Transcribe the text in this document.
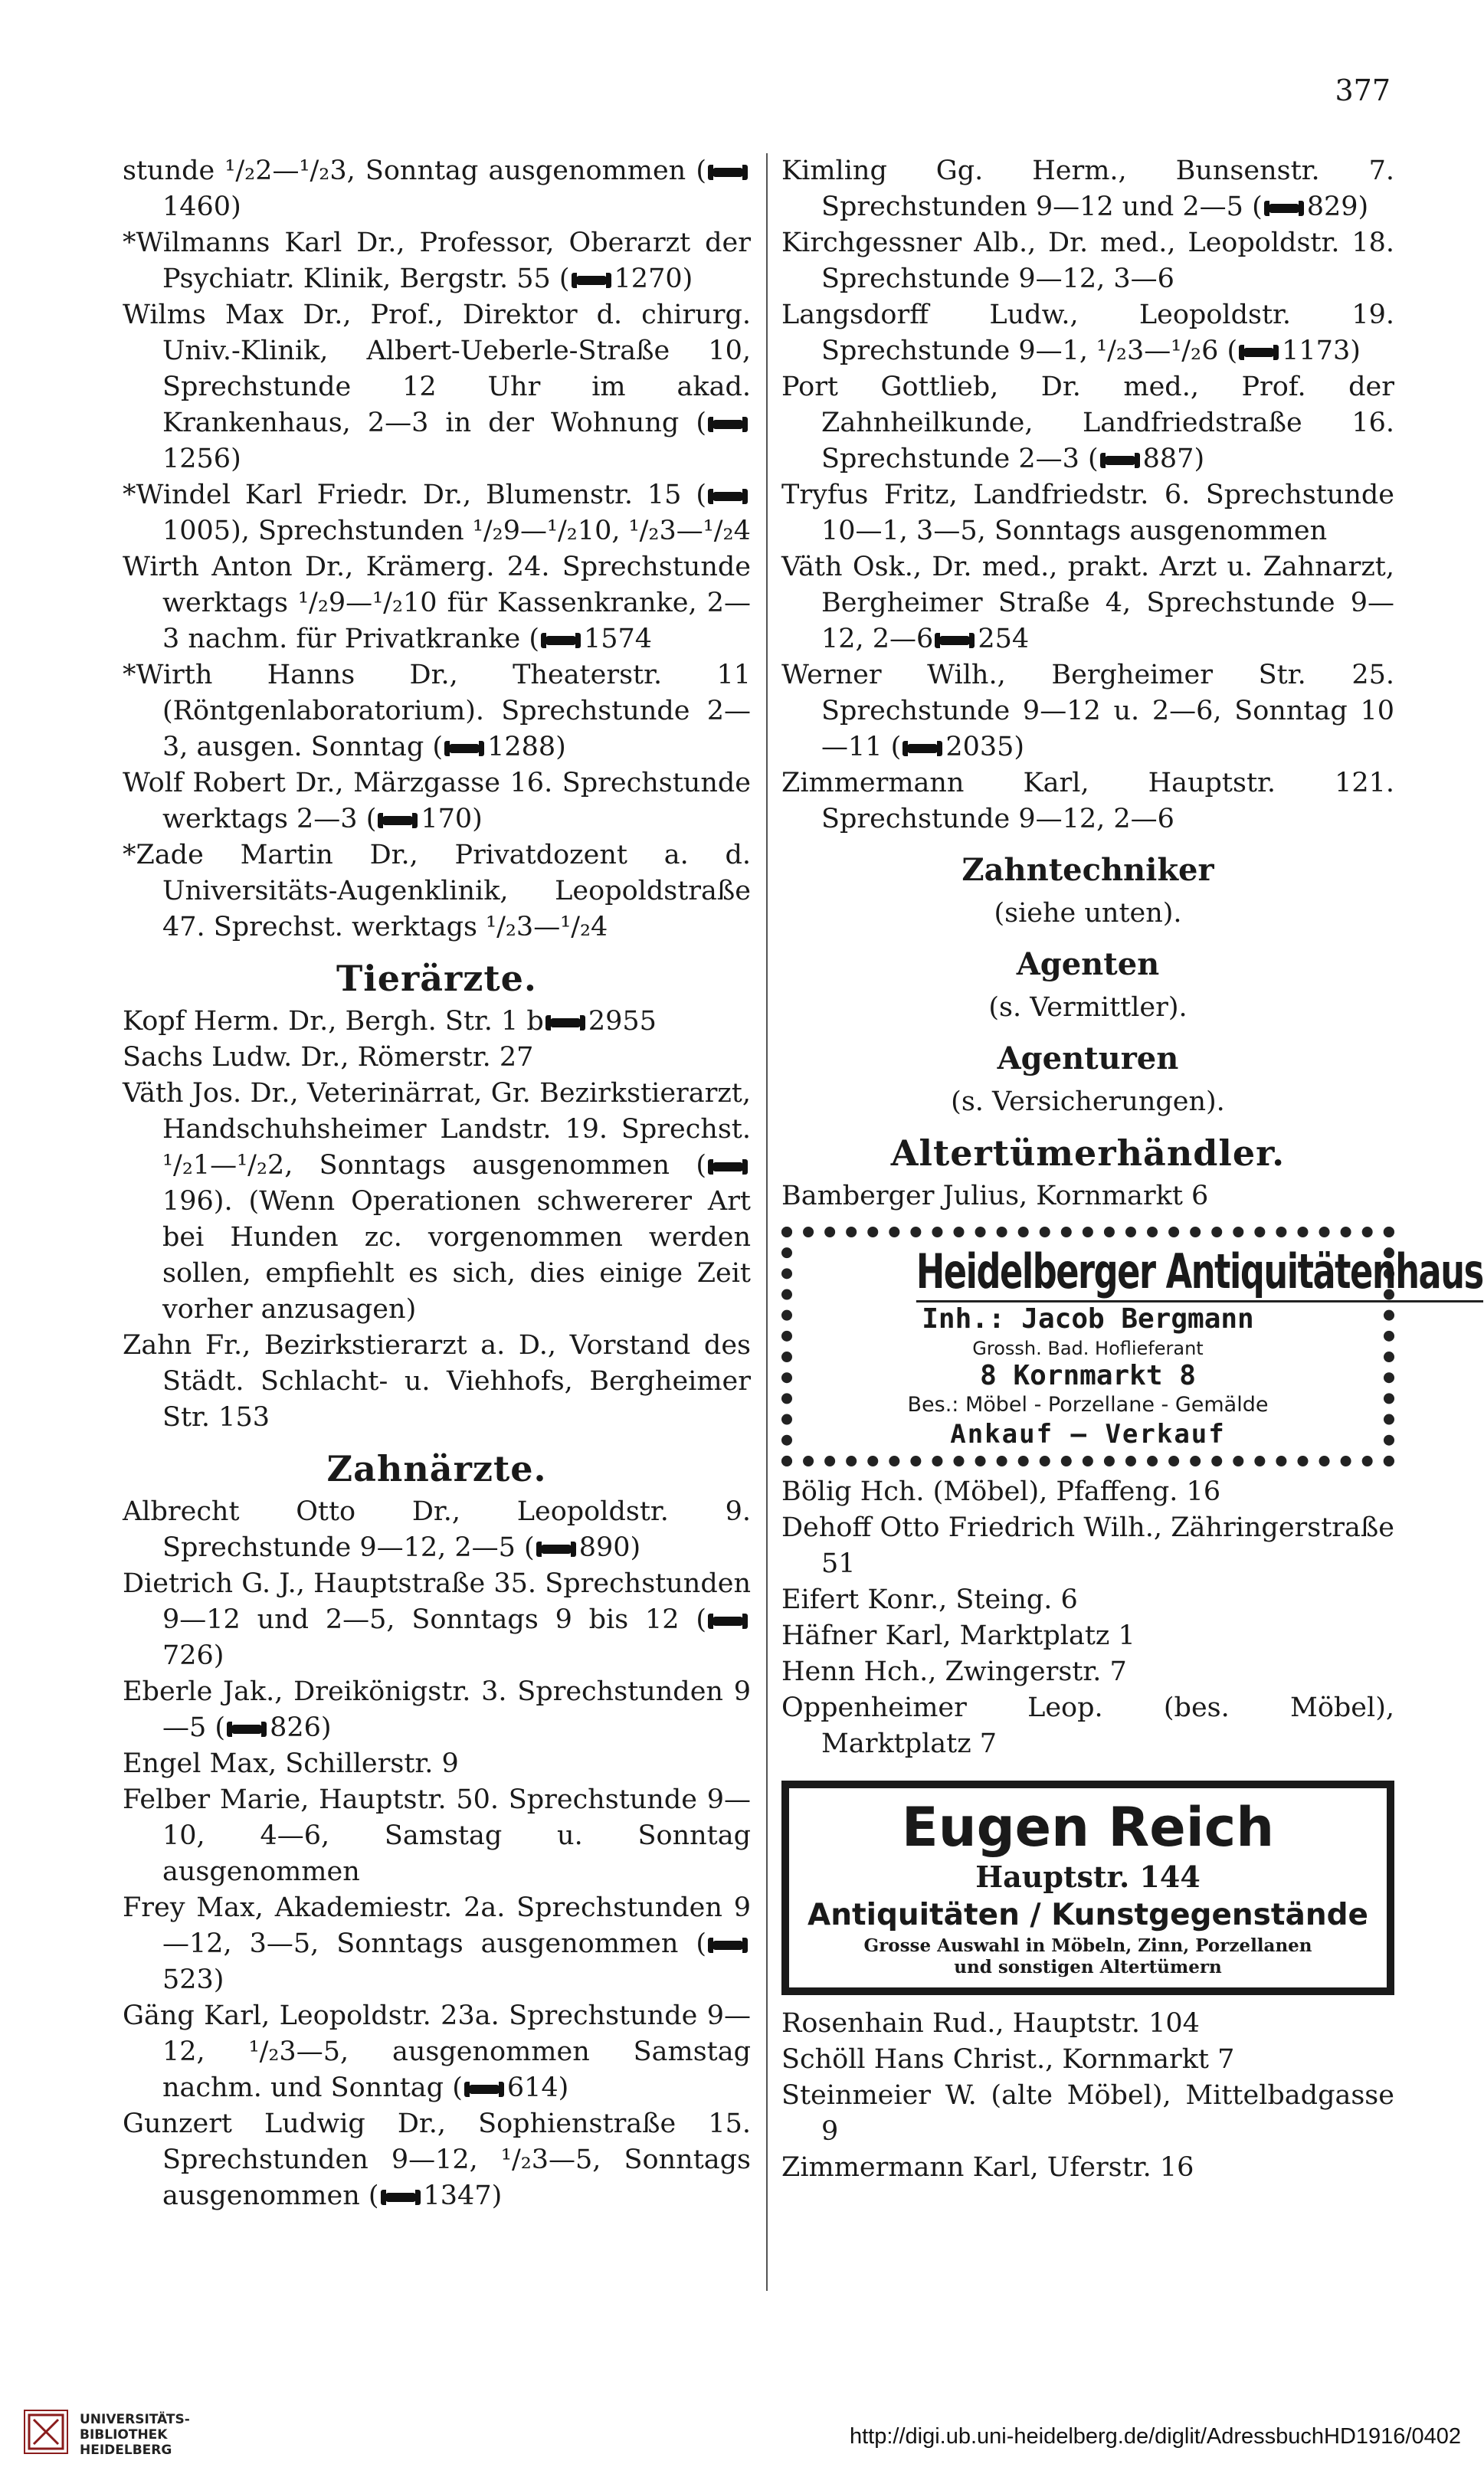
377

stunde ¹/₂2—¹/₂3, Sonntag ausgenommen (1460)

*Wilmanns Karl Dr., Professor, Oberarzt der Psychiatr. Klinik, Bergstr. 55 ( 1270)

Wilms Max Dr., Prof., Direktor d. chirurg. Univ.-Klinik, Albert-Ueberle-Straße 10, Sprechstunde 12 Uhr im akad. Krankenhaus, 2—3 in der Wohnung (1256)

*Windel Karl Friedr. Dr., Blumenstr. 15 (1005), Sprechstunden ¹/₂9—¹/₂10, ¹/₂3—¹/₂4

Wirth Anton Dr., Krämerg. 24. Sprechstunde werktags ¹/₂9—¹/₂10 für Kassenkranke, 2—3 nachm. für Privatkranke ( 1574

*Wirth Hanns Dr., Theaterstr. 11 (Röntgenlaboratorium). Sprechstunde 2—3, ausgen. Sonntag ( 1288)

Wolf Robert Dr., Märzgasse 16. Sprechstunde werktags 2—3 ( 170)

*Zade Martin Dr., Privatdozent a. d. Universitäts-Augenklinik, Leopoldstraße 47. Sprechst. werktags ¹/₂3—¹/₂4

Tierärzte.

Kopf Herm. Dr., Bergh. Str. 1 b 2955

Sachs Ludw. Dr., Römerstr. 27

Väth Jos. Dr., Veterinärrat, Gr. Bezirkstierarzt, Handschuhsheimer Landstr. 19. Sprechst. ¹/₂1—¹/₂2, Sonntags ausgenommen (196). (Wenn Operationen schwererer Art bei Hunden zc. vorgenommen werden sollen, empfiehlt es sich, dies einige Zeit vorher anzusagen)

Zahn Fr., Bezirkstierarzt a. D., Vorstand des Städt. Schlacht- u. Viehhofs, Bergheimer Str. 153

Zahnärzte.

Albrecht Otto Dr., Leopoldstr. 9. Sprechstunde 9—12, 2—5 ( 890)

Dietrich G. J., Hauptstraße 35. Sprechstunden 9—12 und 2—5, Sonntags 9 bis 12 (726)

Eberle Jak., Dreikönigstr. 3. Sprechstunden 9—5 ( 826)

Engel Max, Schillerstr. 9

Felber Marie, Hauptstr. 50. Sprechstunde 9—10, 4—6, Samstag u. Sonntag ausgenommen

Frey Max, Akademiestr. 2a. Sprechstunden 9—12, 3—5, Sonntags ausgenommen (523)

Gäng Karl, Leopoldstr. 23a. Sprechstunde 9—12, ¹/₂3—5, ausgenommen Samstag nachm. und Sonntag ( 614)

Gunzert Ludwig Dr., Sophienstraße 15. Sprechstunden 9—12, ¹/₂3—5, Sonntags ausgenommen ( 1347)

Kimling Gg. Herm., Bunsenstr. 7. Sprechstunden 9—12 und 2—5 ( 829)

Kirchgessner Alb., Dr. med., Leopoldstr. 18. Sprechstunde 9—12, 3—6

Langsdorff Ludw., Leopoldstr. 19. Sprechstunde 9—1, ¹/₂3—¹/₂6 ( 1173)

Port Gottlieb, Dr. med., Prof. der Zahnheilkunde, Landfriedstraße 16. Sprechstunde 2—3 ( 887)

Tryfus Fritz, Landfriedstr. 6. Sprechstunde 10—1, 3—5, Sonntags ausgenommen

Väth Osk., Dr. med., prakt. Arzt u. Zahnarzt, Bergheimer Straße 4, Sprechstunde 9—12, 2—6 254

Werner Wilh., Bergheimer Str. 25. Sprechstunde 9—12 u. 2—6, Sonntag 10—11 ( 2035)

Zimmermann Karl, Hauptstr. 121. Sprechstunde 9—12, 2—6

Zahntechniker
(siehe unten).
Agenten
(s. Vermittler).
Agenturen
(s. Versicherungen).
Altertümerhändler.

Bamberger Julius, Kornmarkt 6

Heidelberger Antiquitätenhaus
Inh.: Jacob Bergmann
Grossh. Bad. Hoflieferant
8 Kornmarkt 8
Bes.: Möbel - Porzellane - Gemälde
Ankauf — Verkauf

Bölig Hch. (Möbel), Pfaffeng. 16

Dehoff Otto Friedrich Wilh., Zähringerstraße 51

Eifert Konr., Steing. 6

Häfner Karl, Marktplatz 1

Henn Hch., Zwingerstr. 7

Oppenheimer Leop. (bes. Möbel), Marktplatz 7

Eugen Reich
Hauptstr. 144
Antiquitäten / Kunstgegenstände
Grosse Auswahl in Möbeln, Zinn, Porzellanen
und sonstigen Altertümern

Rosenhain Rud., Hauptstr. 104

Schöll Hans Christ., Kornmarkt 7

Steinmeier W. (alte Möbel), Mittelbadgasse 9

Zimmermann Karl, Uferstr. 16

UNIVERSITÄTS-
BIBLIOTHEK
HEIDELBERG
http://digi.ub.uni-heidelberg.de/diglit/AdressbuchHD1916/0402
